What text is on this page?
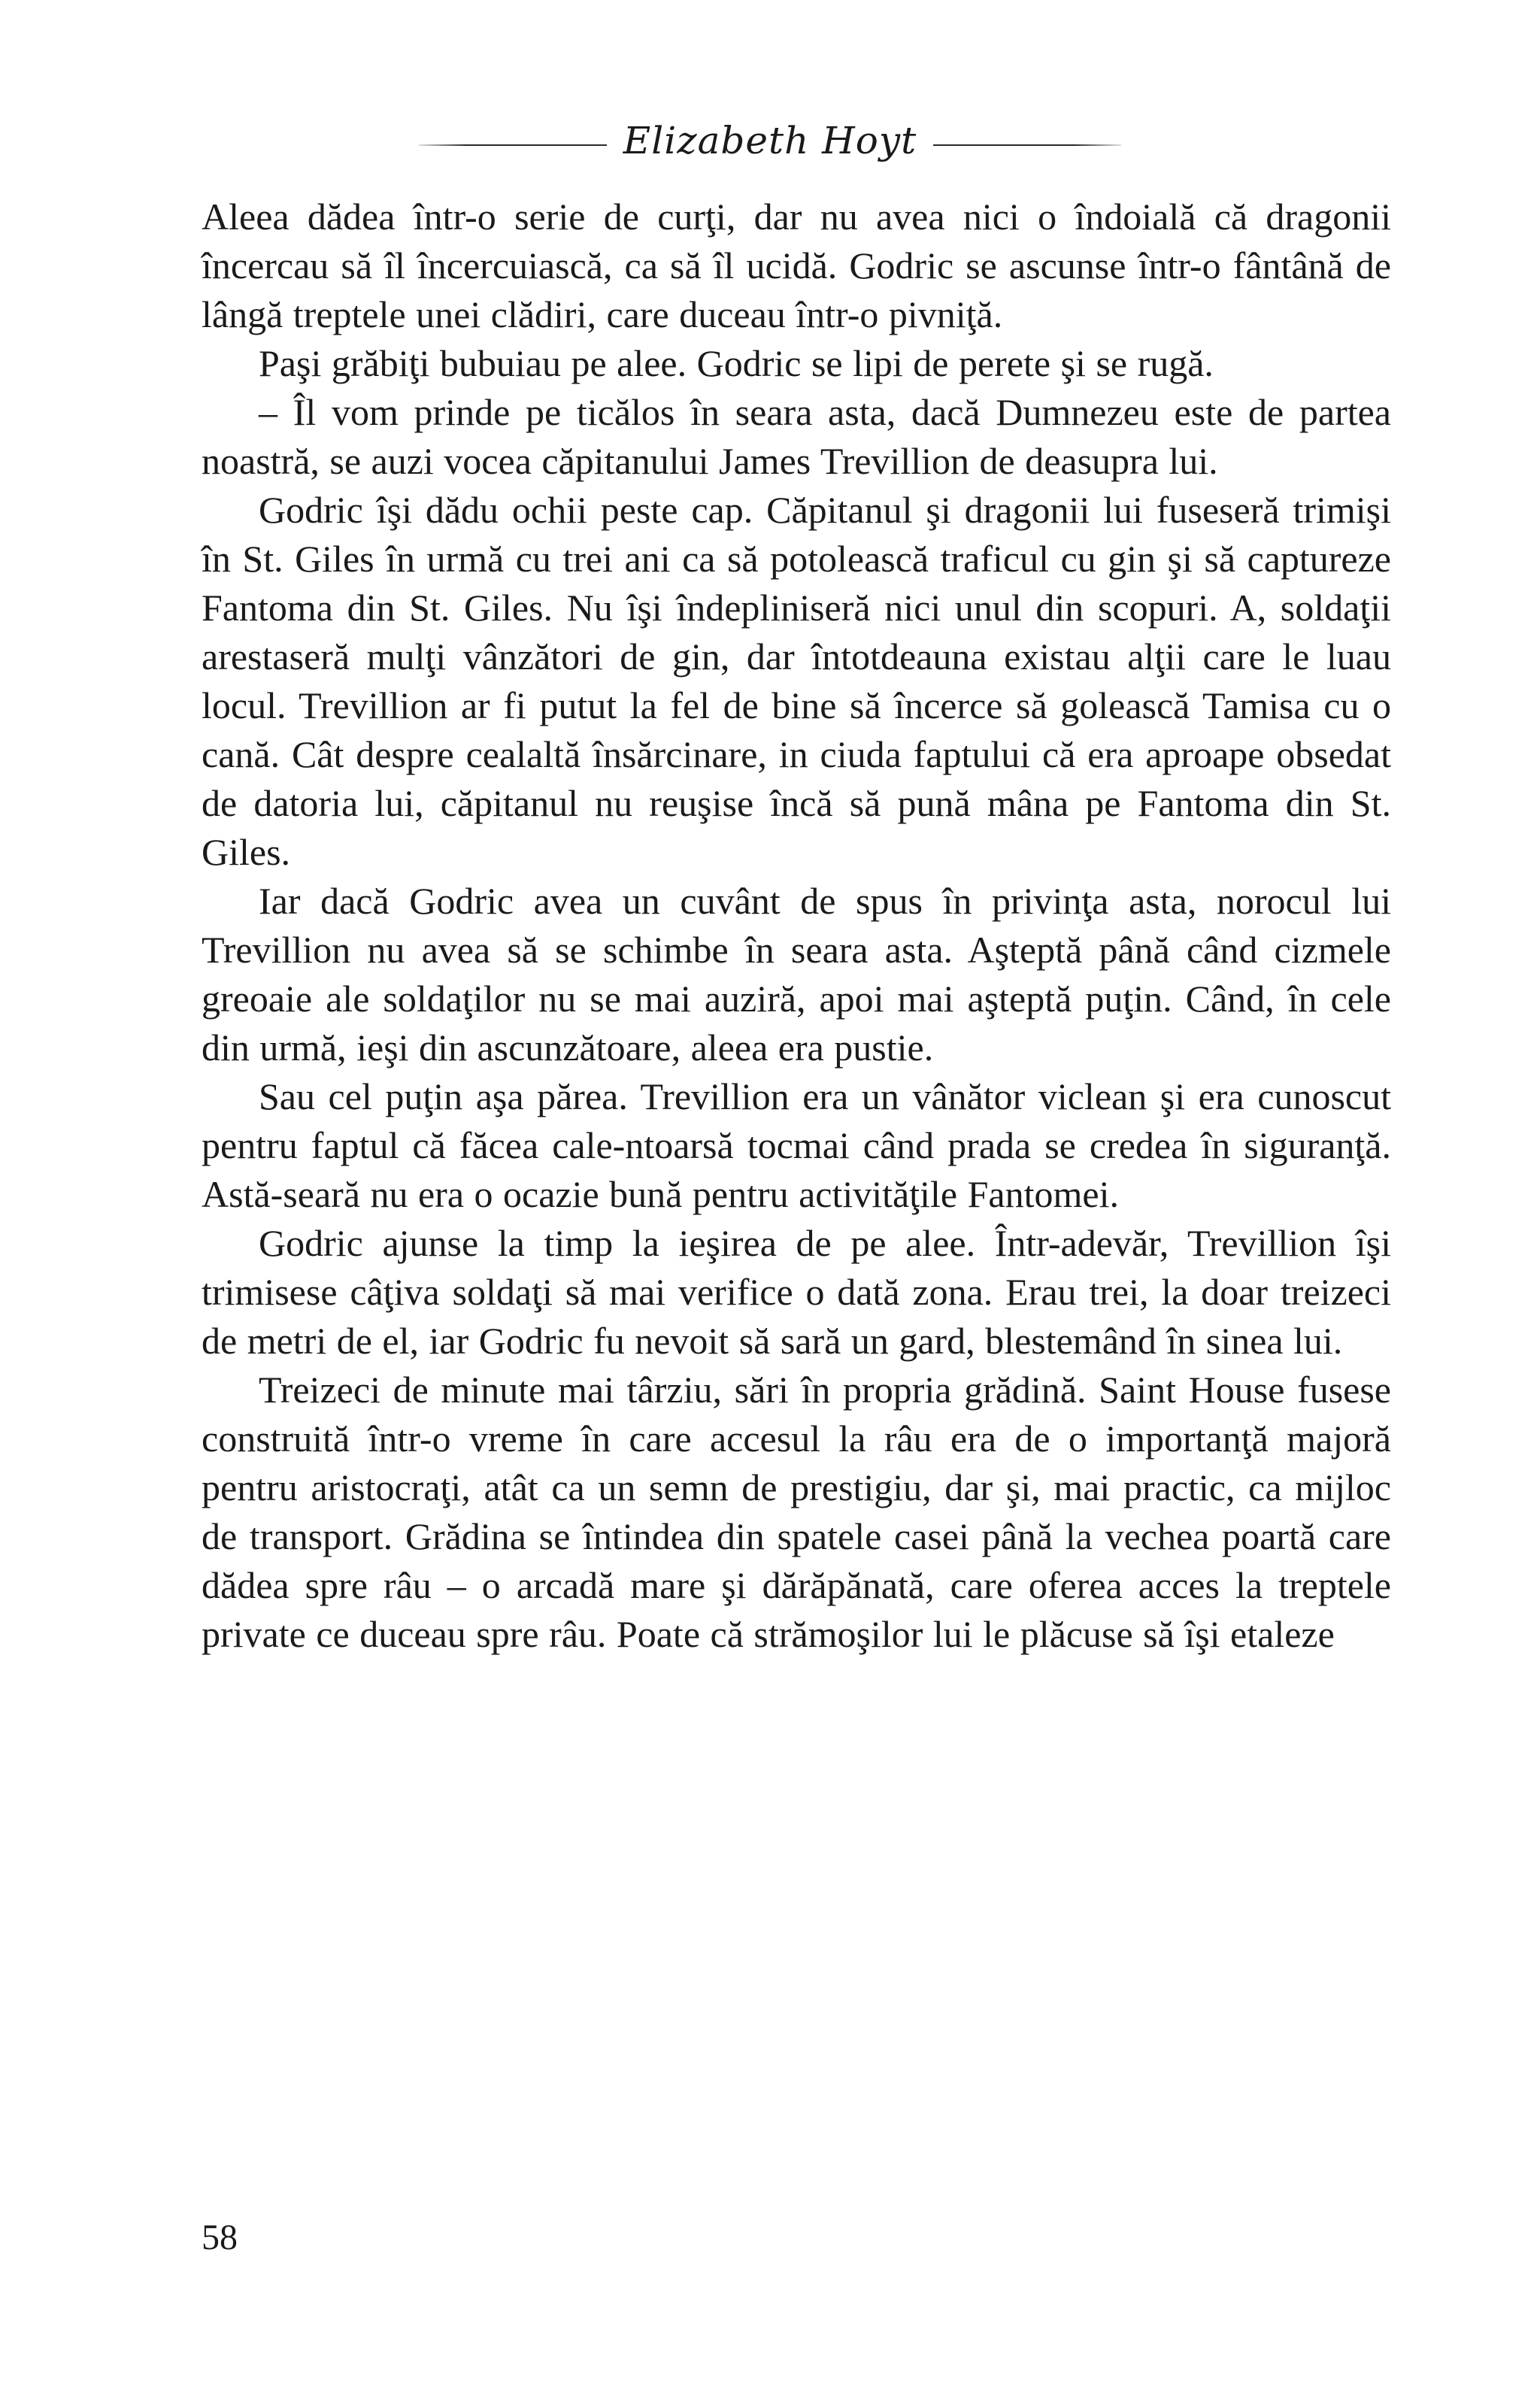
Elizabeth Hoyt

Aleea dădea într-o serie de curţi, dar nu avea nici o îndoială că dragonii încercau să îl încercuiască, ca să îl ucidă. Godric se ascunse într-o fântână de lângă treptele unei clădiri, care duceau într-o pivniţă.

Paşi grăbiţi bubuiau pe alee. Godric se lipi de perete şi se rugă.

– Îl vom prinde pe ticălos în seara asta, dacă Dumnezeu este de partea noastră, se auzi vocea căpitanului James Trevillion de deasupra lui.

Godric îşi dădu ochii peste cap. Căpitanul şi dragonii lui fuseseră trimişi în St. Giles în urmă cu trei ani ca să potolească traficul cu gin şi să captureze Fantoma din St. Giles. Nu îşi îndepliniseră nici unul din scopuri. A, soldaţii arestaseră mulţi vânzători de gin, dar întotdeauna existau alţii care le luau locul. Trevillion ar fi putut la fel de bine să încerce să golească Tamisa cu o cană. Cât despre cealaltă însărcinare, in ciuda faptului că era aproape obsedat de datoria lui, căpitanul nu reuşise încă să pună mâna pe Fantoma din St. Giles.

Iar dacă Godric avea un cuvânt de spus în privinţa asta, norocul lui Trevillion nu avea să se schimbe în seara asta. Aşteptă până când cizmele greoaie ale soldaţilor nu se mai auziră, apoi mai aşteptă puţin. Când, în cele din urmă, ieşi din ascunzătoare, aleea era pustie.

Sau cel puţin aşa părea. Trevillion era un vânător viclean şi era cunoscut pentru faptul că făcea cale-ntoarsă tocmai când prada se credea în siguranţă. Astă-seară nu era o ocazie bună pentru activităţile Fantomei.

Godric ajunse la timp la ieşirea de pe alee. Într-adevăr, Trevillion îşi trimisese câţiva soldaţi să mai verifice o dată zona. Erau trei, la doar treizeci de metri de el, iar Godric fu nevoit să sară un gard, blestemând în sinea lui.

Treizeci de minute mai târziu, sări în propria grădină. Saint House fusese construită într-o vreme în care accesul la râu era de o importanţă majoră pentru aristocraţi, atât ca un semn de prestigiu, dar şi, mai practic, ca mijloc de transport. Grădina se întindea din spatele casei până la vechea poartă care dădea spre râu – o arcadă mare şi dărăpănată, care oferea acces la treptele private ce duceau spre râu. Poate că strămoşilor lui le plăcuse să îşi etaleze

58
